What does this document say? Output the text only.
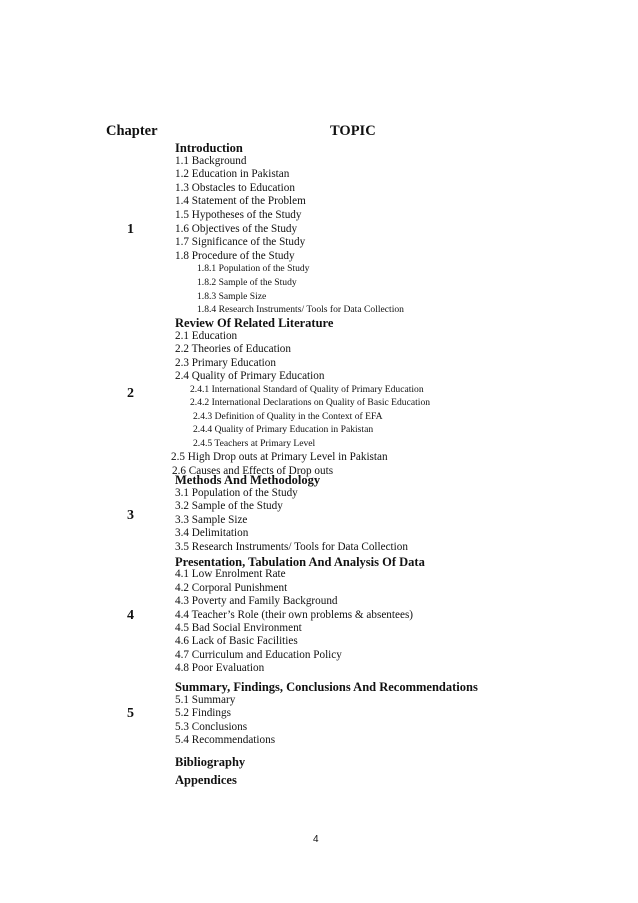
Chapter	TOPIC
1
Introduction
1.1 Background
1.2 Education in Pakistan
1.3 Obstacles to Education
1.4 Statement of the Problem
1.5 Hypotheses of the Study
1.6 Objectives of the Study
1.7 Significance of the Study
1.8 Procedure of the Study
1.8.1 Population of the Study
1.8.2 Sample of the Study
1.8.3 Sample Size
1.8.4 Research Instruments/ Tools for Data Collection
2
Review Of Related Literature
2.1 Education
2.2 Theories of Education
2.3 Primary Education
2.4 Quality of Primary Education
2.4.1 International Standard of Quality of Primary Education
2.4.2 International Declarations on Quality of Basic Education
2.4.3 Definition of Quality in the Context of EFA
2.4.4 Quality of Primary Education in Pakistan
2.4.5 Teachers at Primary Level
2.5 High Drop outs at Primary Level in Pakistan
2.6 Causes and Effects of Drop outs
3
Methods And Methodology
3.1 Population of the Study
3.2 Sample of the Study
3.3 Sample Size
3.4 Delimitation
3.5 Research Instruments/ Tools for Data Collection
4
Presentation, Tabulation And Analysis Of Data
4.1 Low Enrolment Rate
4.2 Corporal Punishment
4.3 Poverty and Family Background
4.4 Teacher’s Role (their own problems & absentees)
4.5 Bad Social Environment
4.6 Lack of Basic Facilities
4.7 Curriculum and Education Policy
4.8 Poor Evaluation
5
Summary, Findings, Conclusions And Recommendations
5.1 Summary
5.2 Findings
5.3 Conclusions
5.4 Recommendations
Bibliography
Appendices
4
